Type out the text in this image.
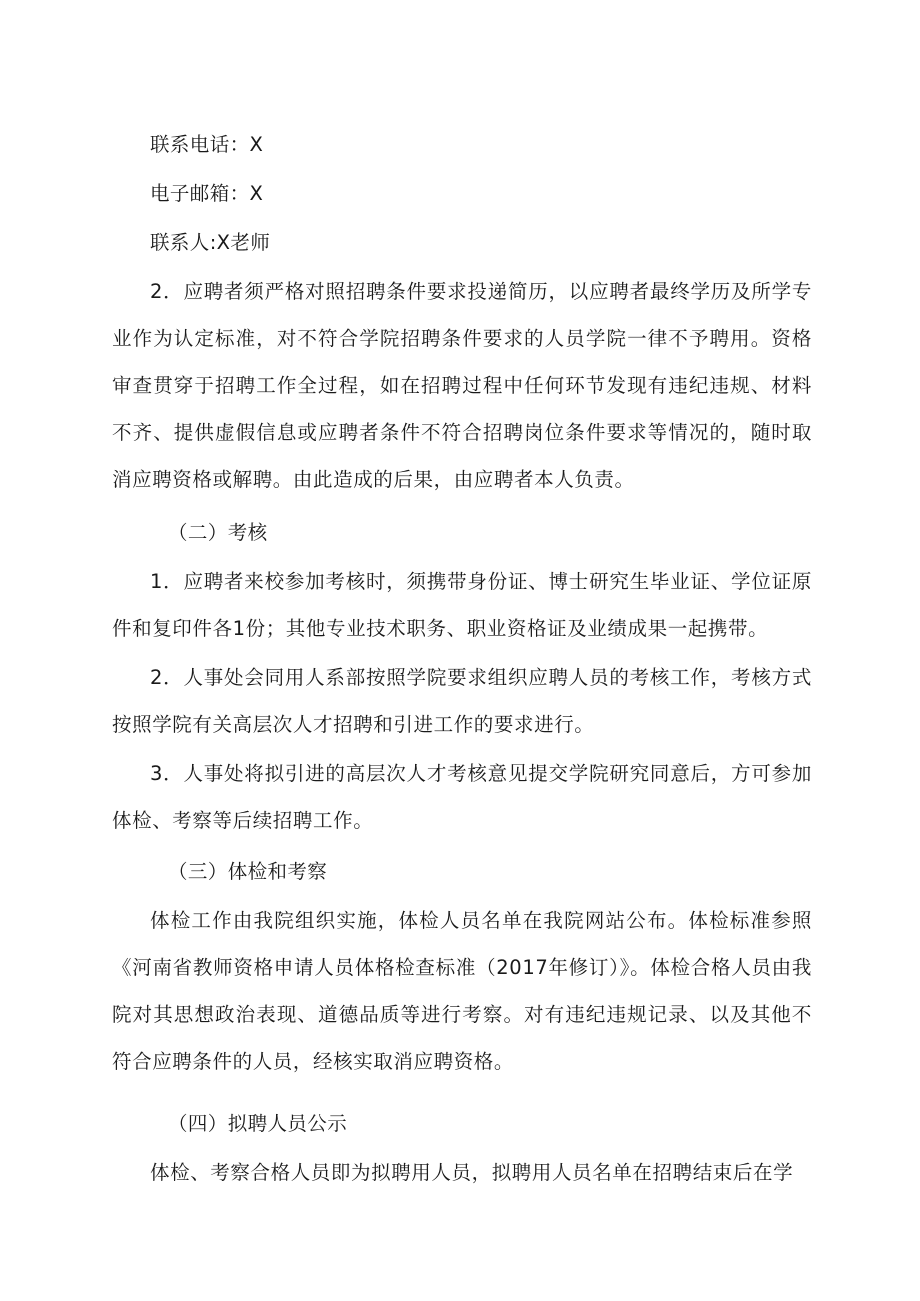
联系电话：X
电子邮箱：X
联系人:X老师
2．应聘者须严格对照招聘条件要求投递简历，以应聘者最终学历及所学专业作为认定标准，对不符合学院招聘条件要求的人员学院一律不予聘用。资格审查贯穿于招聘工作全过程，如在招聘过程中任何环节发现有违纪违规、材料不齐、提供虚假信息或应聘者条件不符合招聘岗位条件要求等情况的，随时取消应聘资格或解聘。由此造成的后果，由应聘者本人负责。
（二）考核
1．应聘者来校参加考核时，须携带身份证、博士研究生毕业证、学位证原件和复印件各1份；其他专业技术职务、职业资格证及业绩成果一起携带。
2．人事处会同用人系部按照学院要求组织应聘人员的考核工作，考核方式按照学院有关高层次人才招聘和引进工作的要求进行。
3．人事处将拟引进的高层次人才考核意见提交学院研究同意后，方可参加体检、考察等后续招聘工作。
（三）体检和考察
体检工作由我院组织实施，体检人员名单在我院网站公布。体检标准参照《河南省教师资格申请人员体格检查标准（2017年修订）》。体检合格人员由我院对其思想政治表现、道德品质等进行考察。对有违纪违规记录、以及其他不符合应聘条件的人员，经核实取消应聘资格。
（四）拟聘人员公示
体检、考察合格人员即为拟聘用人员，拟聘用人员名单在招聘结束后在学
